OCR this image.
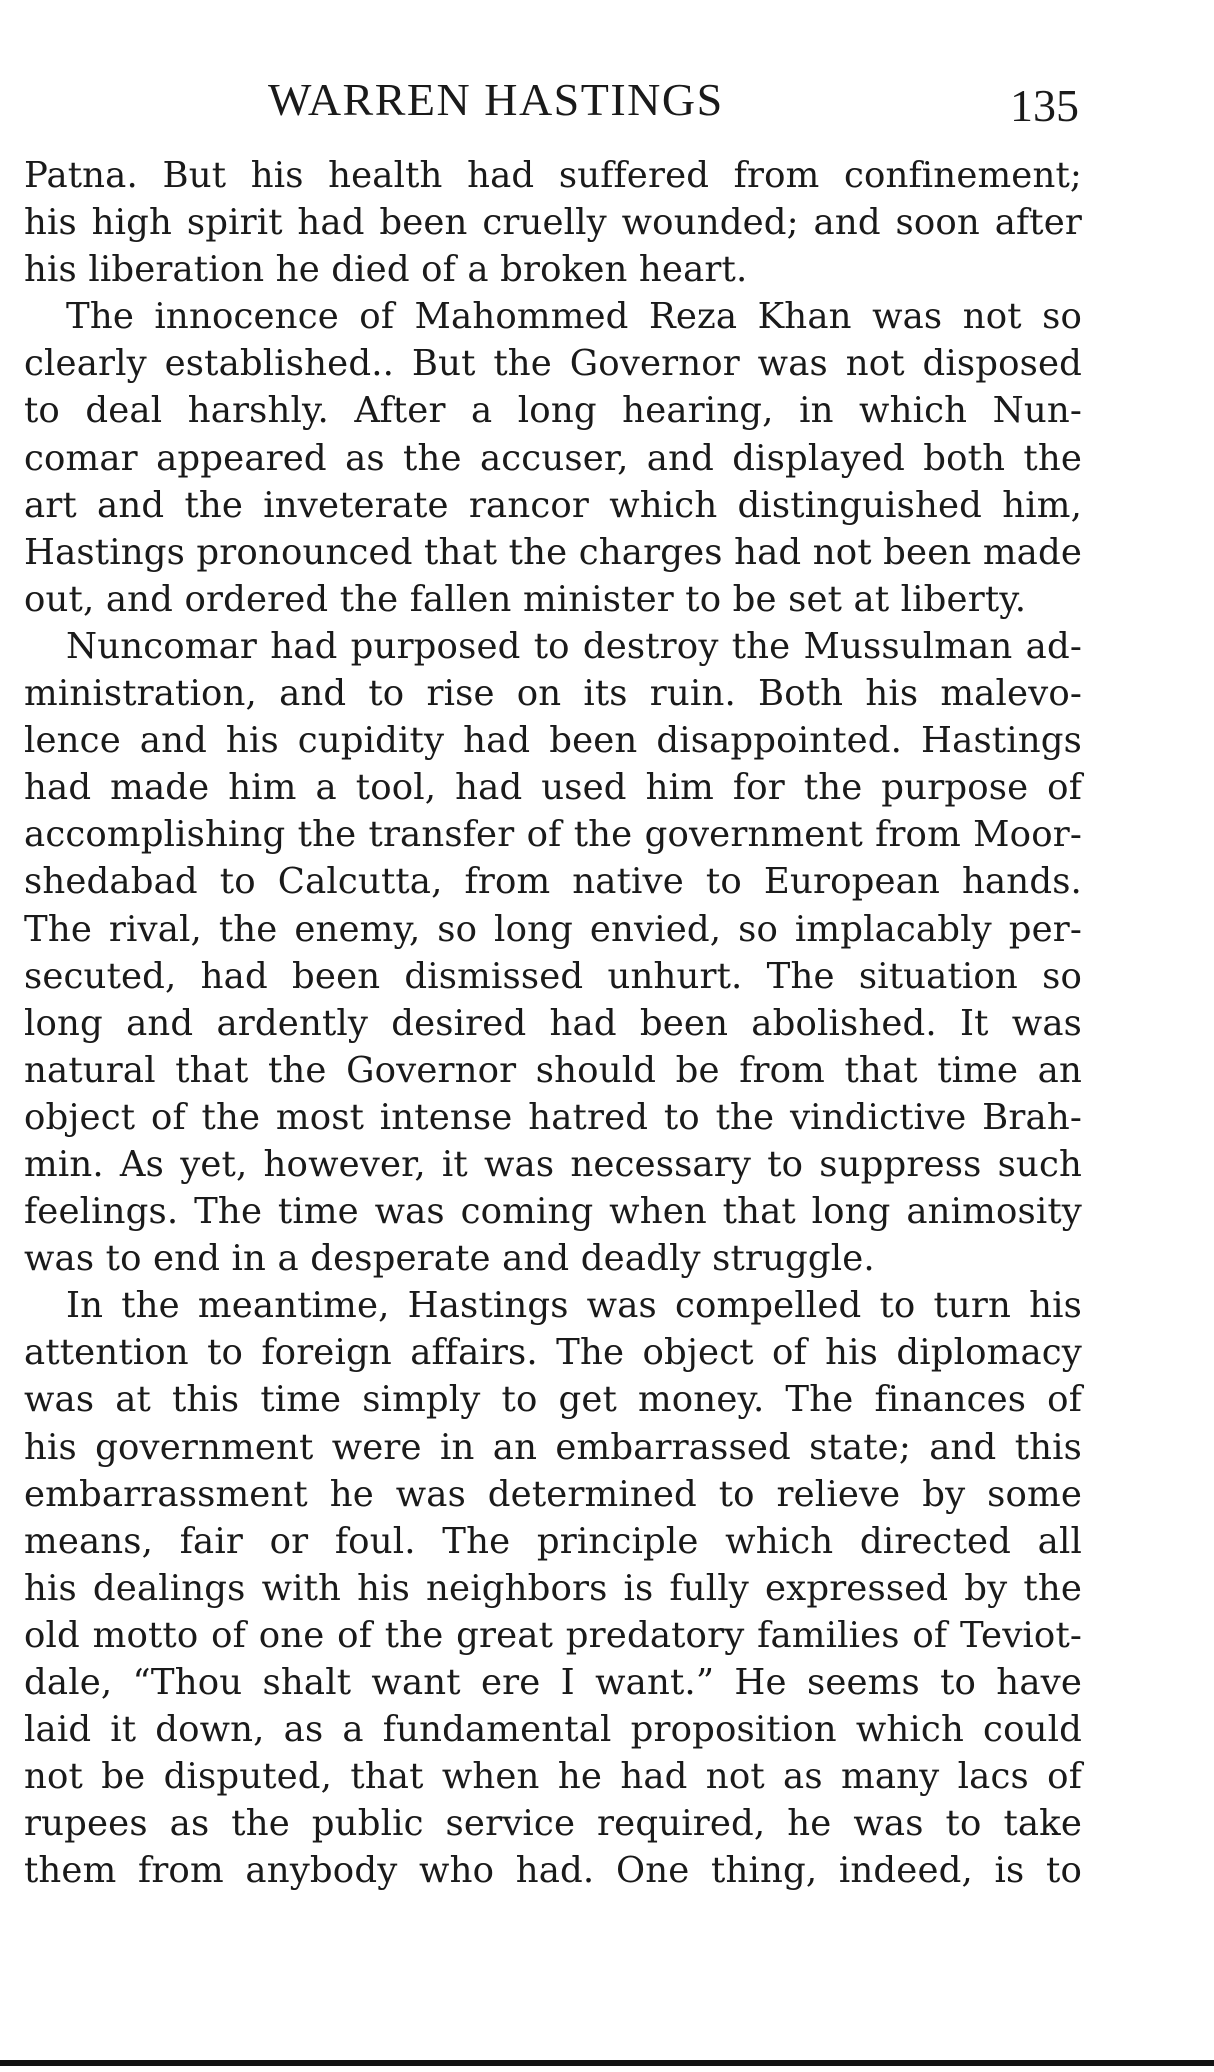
WARREN HASTINGS	135
Patna. But his health had suffered from confinement;
his high spirit had been cruelly wounded; and soon after
his liberation he died of a broken heart.
The innocence of Mahommed Reza Khan was not so
clearly established.. But the Governor was not disposed
to deal harshly. After a long hearing, in which Nun-
comar appeared as the accuser, and displayed both the
art and the inveterate rancor which distinguished him,
Hastings pronounced that the charges had not been made
out, and ordered the fallen minister to be set at liberty.
Nuncomar had purposed to destroy the Mussulman ad-
ministration, and to rise on its ruin. Both his malevo-
lence and his cupidity had been disappointed. Hastings
had made him a tool, had used him for the purpose of
accomplishing the transfer of the government from Moor-
shedabad to Calcutta, from native to European hands.
The rival, the enemy, so long envied, so implacably per-
secuted, had been dismissed unhurt. The situation so
long and ardently desired had been abolished. It was
natural that the Governor should be from that time an
object of the most intense hatred to the vindictive Brah-
min. As yet, however, it was necessary to suppress such
feelings. The time was coming when that long animosity
was to end in a desperate and deadly struggle.
In the meantime, Hastings was compelled to turn his
attention to foreign affairs. The object of his diplomacy
was at this time simply to get money. The finances of
his government were in an embarrassed state; and this
embarrassment he was determined to relieve by some
means, fair or foul. The principle which directed all
his dealings with his neighbors is fully expressed by the
old motto of one of the great predatory families of Teviot-
dale, “Thou shalt want ere I want.” He seems to have
laid it down, as a fundamental proposition which could
not be disputed, that when he had not as many lacs of
rupees as the public service required, he was to take
them from anybody who had. One thing, indeed, is to
